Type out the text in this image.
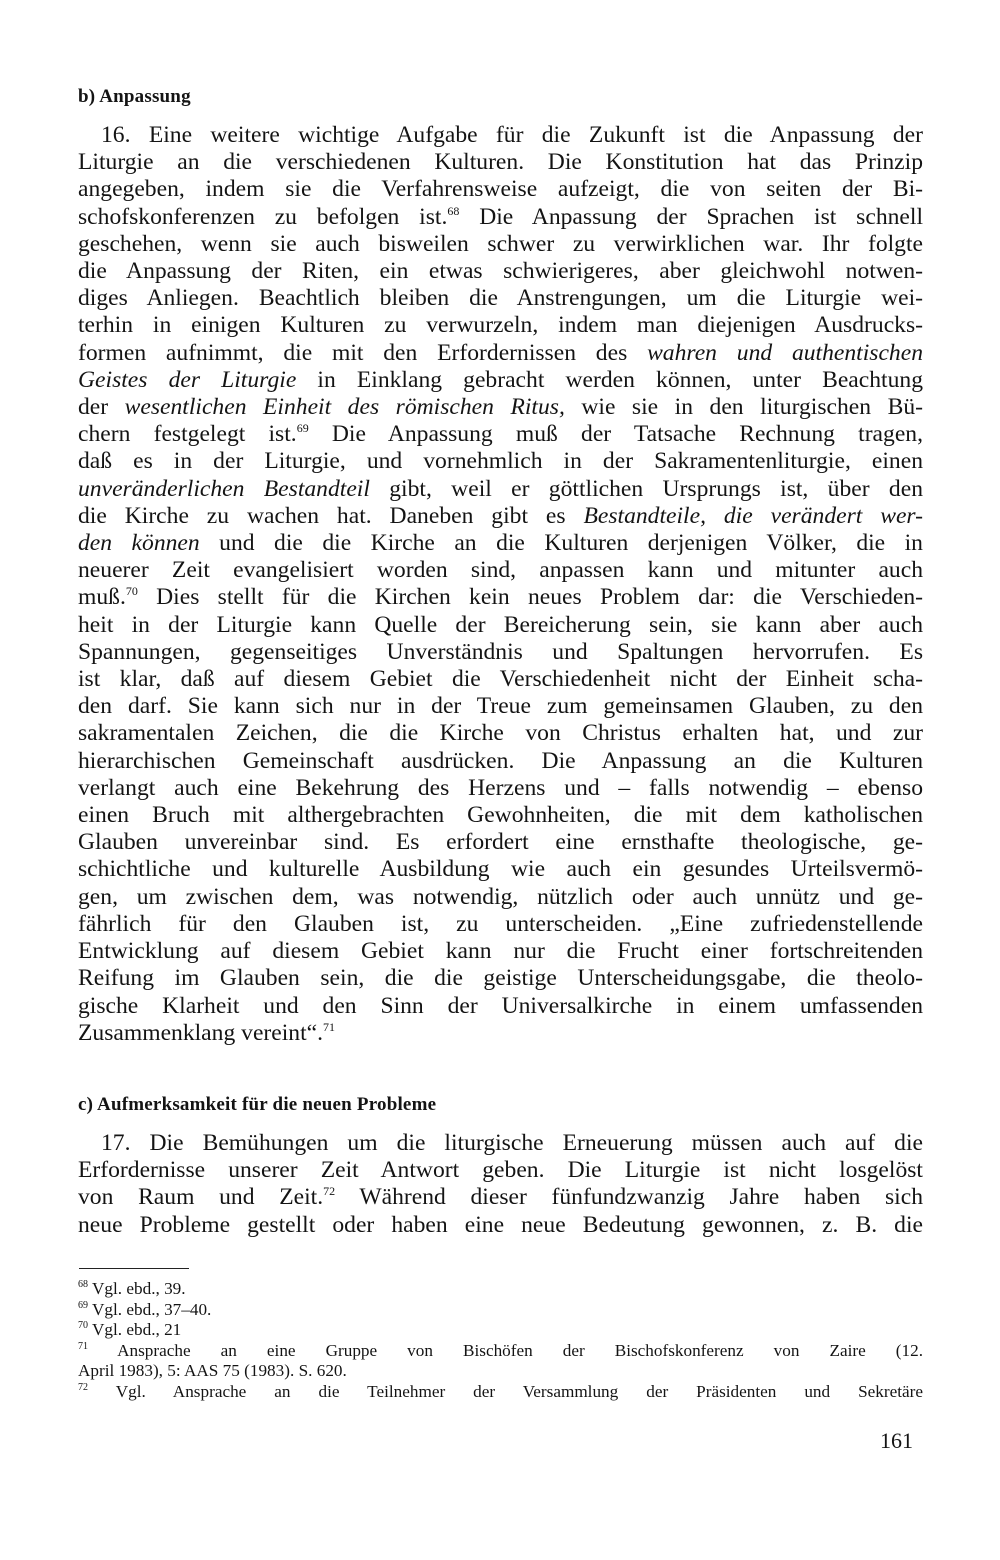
b) Anpassung
16. Eine weitere wichtige Aufgabe für die Zukunft ist die Anpassung der
Liturgie an die verschiedenen Kulturen. Die Konstitution hat das Prinzip
angegeben, indem sie die Verfahrensweise aufzeigt, die von seiten der Bi-
schofskonferenzen zu befolgen ist.$^{68}$ Die Anpassung der Sprachen ist schnell
geschehen, wenn sie auch bisweilen schwer zu verwirklichen war. Ihr folgte
die Anpassung der Riten, ein etwas schwierigeres, aber gleichwohl notwen-
diges Anliegen. Beachtlich bleiben die Anstrengungen, um die Liturgie wei-
terhin in einigen Kulturen zu verwurzeln, indem man diejenigen Ausdrucks-
formen aufnimmt, die mit den Erfordernissen des wahren und authentischen
Geistes der Liturgie in Einklang gebracht werden können, unter Beachtung
der wesentlichen Einheit des römischen Ritus, wie sie in den liturgischen Bü-
chern festgelegt ist.$^{69}$ Die Anpassung muß der Tatsache Rechnung tragen,
daß es in der Liturgie, und vornehmlich in der Sakramentenliturgie, einen
unveränderlichen Bestandteil gibt, weil er göttlichen Ursprungs ist, über den
die Kirche zu wachen hat. Daneben gibt es Bestandteile, die verändert wer-
den können und die die Kirche an die Kulturen derjenigen Völker, die in
neuerer Zeit evangelisiert worden sind, anpassen kann und mitunter auch
muß.$^{70}$ Dies stellt für die Kirchen kein neues Problem dar: die Verschieden-
heit in der Liturgie kann Quelle der Bereicherung sein, sie kann aber auch
Spannungen, gegenseitiges Unverständnis und Spaltungen hervorrufen. Es
ist klar, daß auf diesem Gebiet die Verschiedenheit nicht der Einheit scha-
den darf. Sie kann sich nur in der Treue zum gemeinsamen Glauben, zu den
sakramentalen Zeichen, die die Kirche von Christus erhalten hat, und zur
hierarchischen Gemeinschaft ausdrücken. Die Anpassung an die Kulturen
verlangt auch eine Bekehrung des Herzens und – falls notwendig – ebenso
einen Bruch mit althergebrachten Gewohnheiten, die mit dem katholischen
Glauben unvereinbar sind. Es erfordert eine ernsthafte theologische, ge-
schichtliche und kulturelle Ausbildung wie auch ein gesundes Urteilsvermö-
gen, um zwischen dem, was notwendig, nützlich oder auch unnütz und ge-
fährlich für den Glauben ist, zu unterscheiden. „Eine zufriedenstellende
Entwicklung auf diesem Gebiet kann nur die Frucht einer fortschreitenden
Reifung im Glauben sein, die die geistige Unterscheidungsgabe, die theolo-
gische Klarheit und den Sinn der Universalkirche in einem umfassenden
Zusammenklang vereint“.$^{71}$
c) Aufmerksamkeit für die neuen Probleme
17. Die Bemühungen um die liturgische Erneuerung müssen auch auf die
Erfordernisse unserer Zeit Antwort geben. Die Liturgie ist nicht losgelöst
von Raum und Zeit.$^{72}$ Während dieser fünfundzwanzig Jahre haben sich
neue Probleme gestellt oder haben eine neue Bedeutung gewonnen, z. B. die
$^{68}$ Vgl. ebd., 39.
$^{69}$ Vgl. ebd., 37–40.
$^{70}$ Vgl. ebd., 21
$^{71}$ Ansprache an eine Gruppe von Bischöfen der Bischofskonferenz von Zaire (12.
April 1983), 5: AAS 75 (1983). S. 620.
$^{72}$ Vgl. Ansprache an die Teilnehmer der Versammlung der Präsidenten und Sekretäre
161
